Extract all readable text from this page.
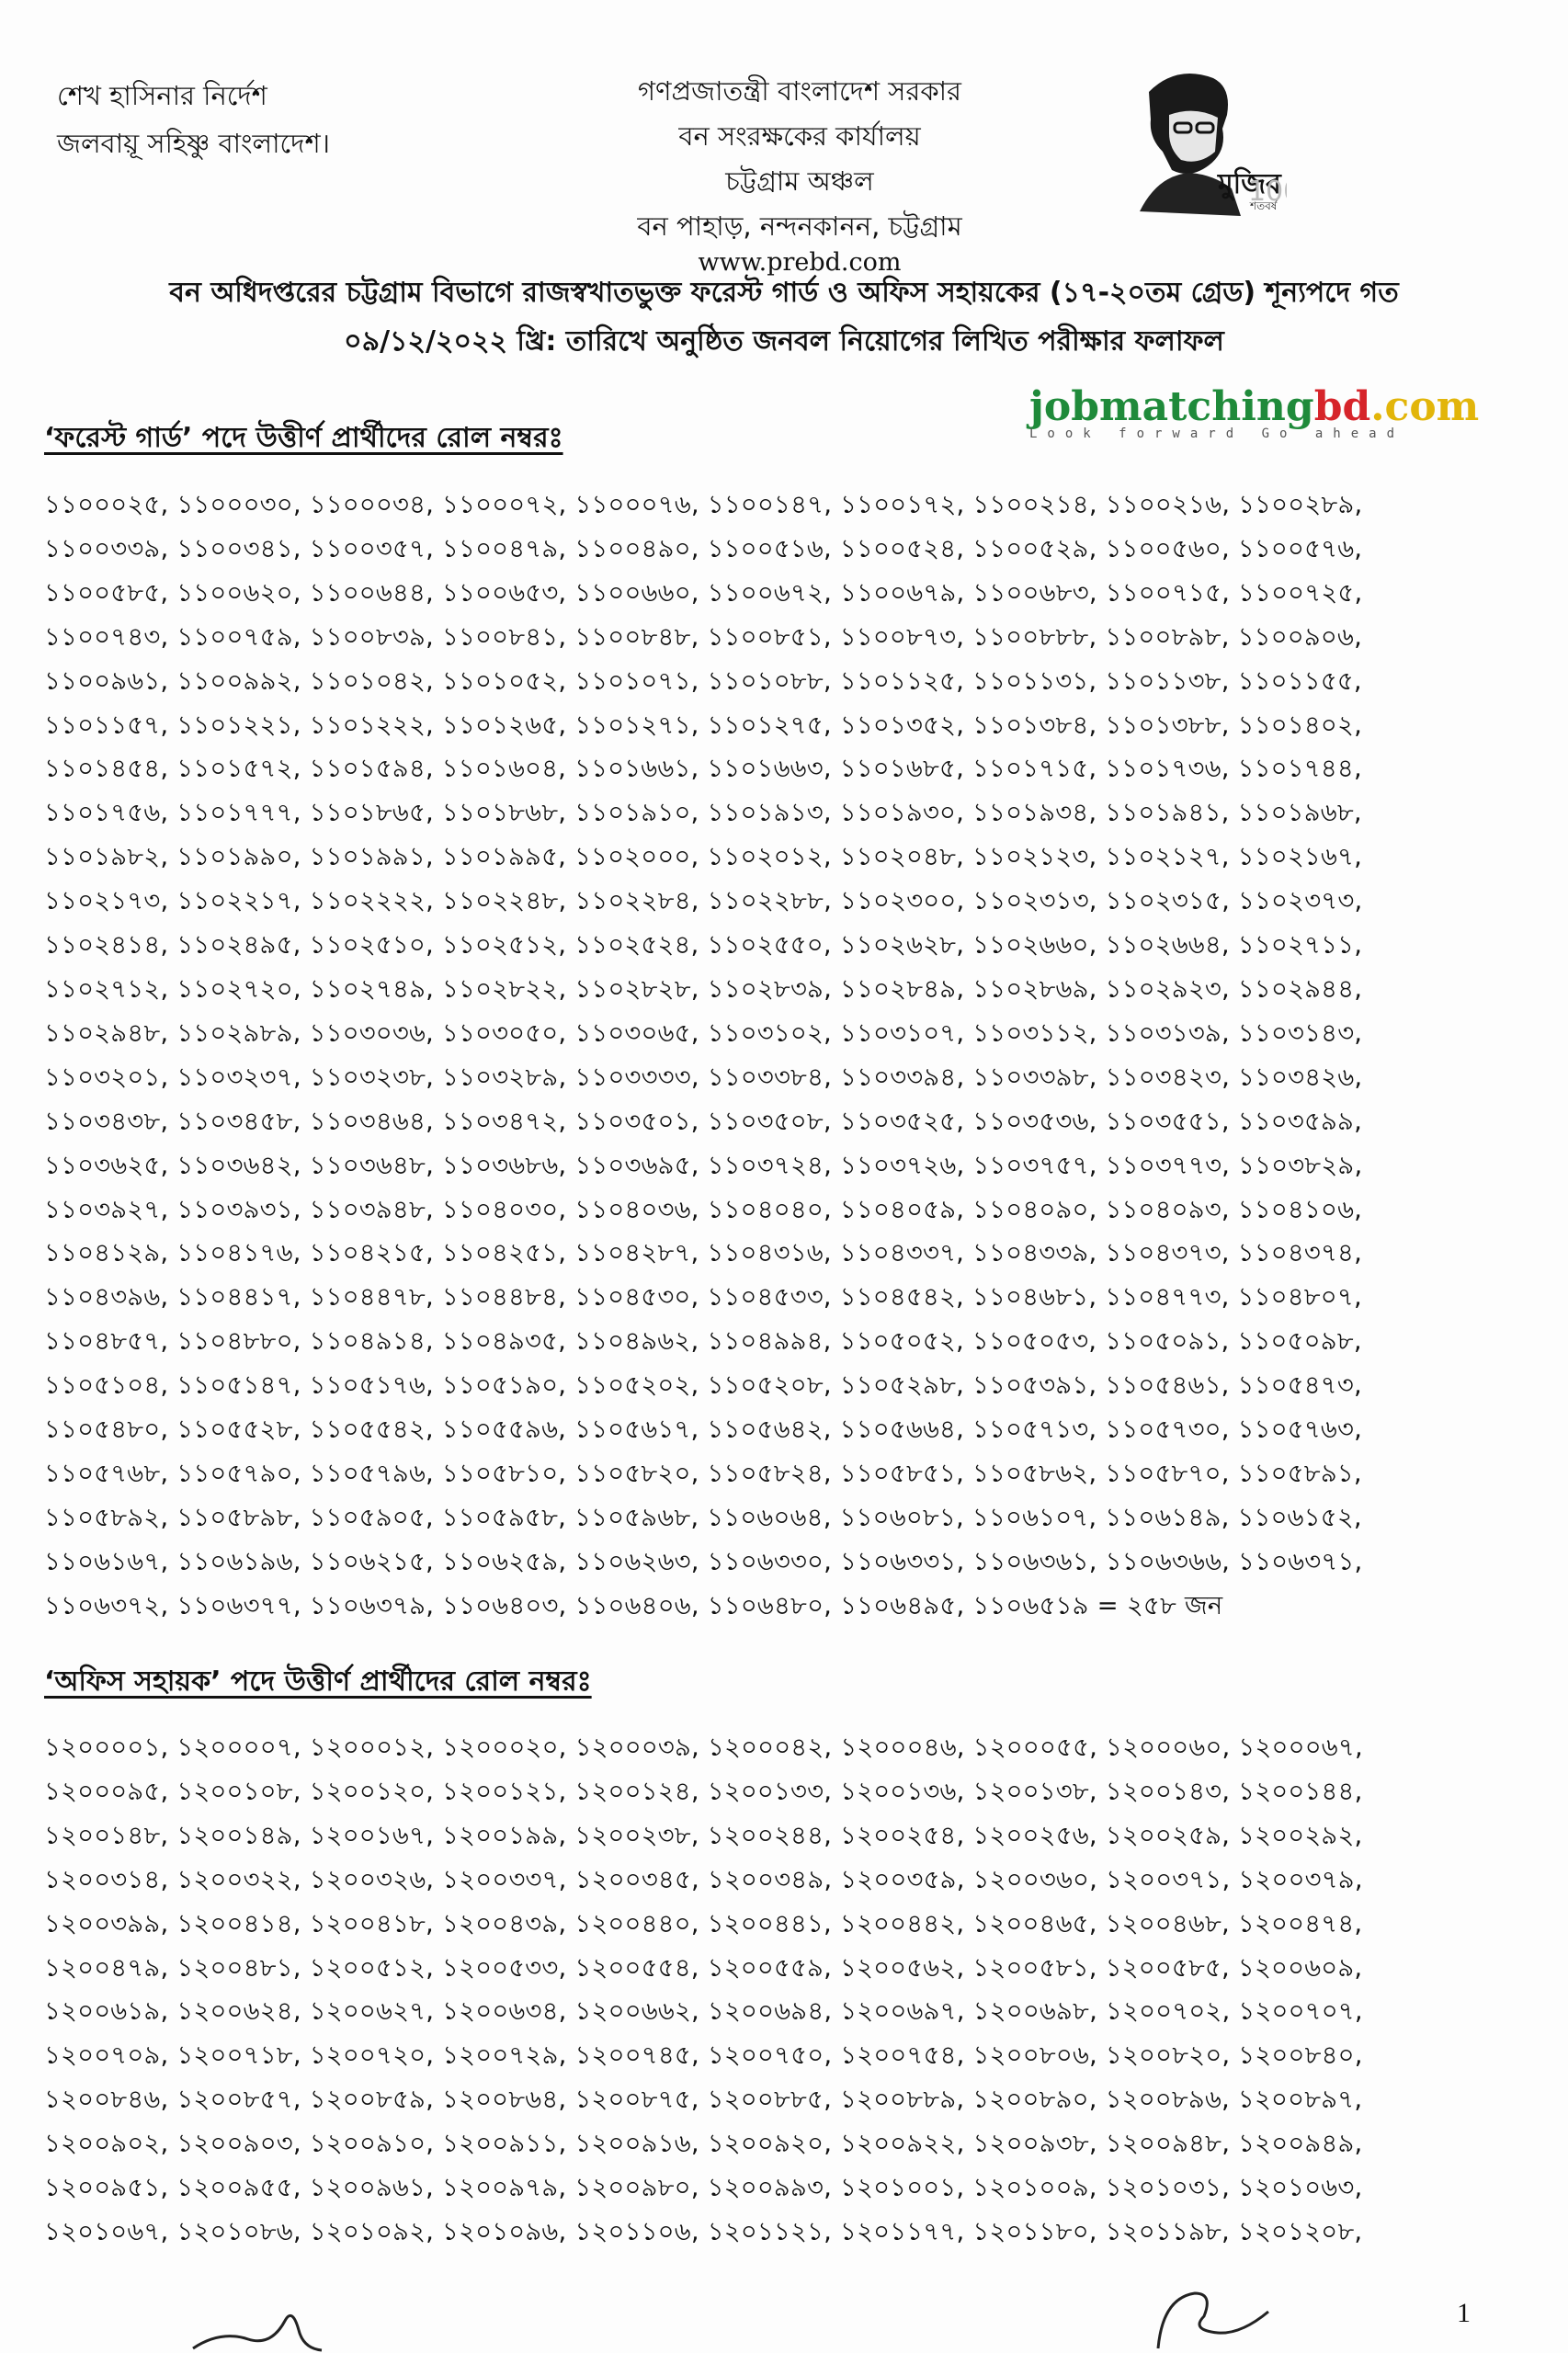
শেখ হাসিনার নির্দেশ
জলবায়ূ সহিষ্ণু বাংলাদেশ।
গণপ্রজাতন্ত্রী বাংলাদেশ সরকার
বন সংরক্ষকের কার্যালয়
চট্টগ্রাম অঞ্চল
বন পাহাড়, নন্দনকানন, চট্টগ্রাম
www.prebd.com
মুজিব
শতবর্ষ
10
বন অধিদপ্তরের চট্টগ্রাম বিভাগে রাজস্বখাতভুক্ত ফরেস্ট গার্ড ও অফিস সহায়কের (১৭-২০তম গ্রেড) শূন্যপদে গত
০৯/১২/২০২২ খ্রি: তারিখে অনুষ্ঠিত জনবল নিয়োগের লিখিত পরীক্ষার ফলাফল
jobmatchingbd.com
Look forward Go ahead
‘ফরেস্ট গার্ড’ পদে উত্তীর্ণ প্রার্থীদের রোল নম্বরঃ
১১০০০২৫, ১১০০০৩০, ১১০০০৩৪, ১১০০০৭২, ১১০০০৭৬, ১১০০১৪৭, ১১০০১৭২, ১১০০২১৪, ১১০০২১৬, ১১০০২৮৯,
১১০০৩৩৯, ১১০০৩৪১, ১১০০৩৫৭, ১১০০৪৭৯, ১১০০৪৯০, ১১০০৫১৬, ১১০০৫২৪, ১১০০৫২৯, ১১০০৫৬০, ১১০০৫৭৬,
১১০০৫৮৫, ১১০০৬২০, ১১০০৬৪৪, ১১০০৬৫৩, ১১০০৬৬০, ১১০০৬৭২, ১১০০৬৭৯, ১১০০৬৮৩, ১১০০৭১৫, ১১০০৭২৫,
১১০০৭৪৩, ১১০০৭৫৯, ১১০০৮৩৯, ১১০০৮৪১, ১১০০৮৪৮, ১১০০৮৫১, ১১০০৮৭৩, ১১০০৮৮৮, ১১০০৮৯৮, ১১০০৯০৬,
১১০০৯৬১, ১১০০৯৯২, ১১০১০৪২, ১১০১০৫২, ১১০১০৭১, ১১০১০৮৮, ১১০১১২৫, ১১০১১৩১, ১১০১১৩৮, ১১০১১৫৫,
১১০১১৫৭, ১১০১২২১, ১১০১২২২, ১১০১২৬৫, ১১০১২৭১, ১১০১২৭৫, ১১০১৩৫২, ১১০১৩৮৪, ১১০১৩৮৮, ১১০১৪০২,
১১০১৪৫৪, ১১০১৫৭২, ১১০১৫৯৪, ১১০১৬০৪, ১১০১৬৬১, ১১০১৬৬৩, ১১০১৬৮৫, ১১০১৭১৫, ১১০১৭৩৬, ১১০১৭৪৪,
১১০১৭৫৬, ১১০১৭৭৭, ১১০১৮৬৫, ১১০১৮৬৮, ১১০১৯১০, ১১০১৯১৩, ১১০১৯৩০, ১১০১৯৩৪, ১১০১৯৪১, ১১০১৯৬৮,
১১০১৯৮২, ১১০১৯৯০, ১১০১৯৯১, ১১০১৯৯৫, ১১০২০০০, ১১০২০১২, ১১০২০৪৮, ১১০২১২৩, ১১০২১২৭, ১১০২১৬৭,
১১০২১৭৩, ১১০২২১৭, ১১০২২২২, ১১০২২৪৮, ১১০২২৮৪, ১১০২২৮৮, ১১০২৩০০, ১১০২৩১৩, ১১০২৩১৫, ১১০২৩৭৩,
১১০২৪১৪, ১১০২৪৯৫, ১১০২৫১০, ১১০২৫১২, ১১০২৫২৪, ১১০২৫৫০, ১১০২৬২৮, ১১০২৬৬০, ১১০২৬৬৪, ১১০২৭১১,
১১০২৭১২, ১১০২৭২০, ১১০২৭৪৯, ১১০২৮২২, ১১০২৮২৮, ১১০২৮৩৯, ১১০২৮৪৯, ১১০২৮৬৯, ১১০২৯২৩, ১১০২৯৪৪,
১১০২৯৪৮, ১১০২৯৮৯, ১১০৩০৩৬, ১১০৩০৫০, ১১০৩০৬৫, ১১০৩১০২, ১১০৩১০৭, ১১০৩১১২, ১১০৩১৩৯, ১১০৩১৪৩,
১১০৩২০১, ১১০৩২৩৭, ১১০৩২৩৮, ১১০৩২৮৯, ১১০৩৩৩৩, ১১০৩৩৮৪, ১১০৩৩৯৪, ১১০৩৩৯৮, ১১০৩৪২৩, ১১০৩৪২৬,
১১০৩৪৩৮, ১১০৩৪৫৮, ১১০৩৪৬৪, ১১০৩৪৭২, ১১০৩৫০১, ১১০৩৫০৮, ১১০৩৫২৫, ১১০৩৫৩৬, ১১০৩৫৫১, ১১০৩৫৯৯,
১১০৩৬২৫, ১১০৩৬৪২, ১১০৩৬৪৮, ১১০৩৬৮৬, ১১০৩৬৯৫, ১১০৩৭২৪, ১১০৩৭২৬, ১১০৩৭৫৭, ১১০৩৭৭৩, ১১০৩৮২৯,
১১০৩৯২৭, ১১০৩৯৩১, ১১০৩৯৪৮, ১১০৪০৩০, ১১০৪০৩৬, ১১০৪০৪০, ১১০৪০৫৯, ১১০৪০৯০, ১১০৪০৯৩, ১১০৪১০৬,
১১০৪১২৯, ১১০৪১৭৬, ১১০৪২১৫, ১১০৪২৫১, ১১০৪২৮৭, ১১০৪৩১৬, ১১০৪৩৩৭, ১১০৪৩৩৯, ১১০৪৩৭৩, ১১০৪৩৭৪,
১১০৪৩৯৬, ১১০৪৪১৭, ১১০৪৪৭৮, ১১০৪৪৮৪, ১১০৪৫৩০, ১১০৪৫৩৩, ১১০৪৫৪২, ১১০৪৬৮১, ১১০৪৭৭৩, ১১০৪৮০৭,
১১০৪৮৫৭, ১১০৪৮৮০, ১১০৪৯১৪, ১১০৪৯৩৫, ১১০৪৯৬২, ১১০৪৯৯৪, ১১০৫০৫২, ১১০৫০৫৩, ১১০৫০৯১, ১১০৫০৯৮,
১১০৫১০৪, ১১০৫১৪৭, ১১০৫১৭৬, ১১০৫১৯০, ১১০৫২০২, ১১০৫২০৮, ১১০৫২৯৮, ১১০৫৩৯১, ১১০৫৪৬১, ১১০৫৪৭৩,
১১০৫৪৮০, ১১০৫৫২৮, ১১০৫৫৪২, ১১০৫৫৯৬, ১১০৫৬১৭, ১১০৫৬৪২, ১১০৫৬৬৪, ১১০৫৭১৩, ১১০৫৭৩০, ১১০৫৭৬৩,
১১০৫৭৬৮, ১১০৫৭৯০, ১১০৫৭৯৬, ১১০৫৮১০, ১১০৫৮২০, ১১০৫৮২৪, ১১০৫৮৫১, ১১০৫৮৬২, ১১০৫৮৭০, ১১০৫৮৯১,
১১০৫৮৯২, ১১০৫৮৯৮, ১১০৫৯০৫, ১১০৫৯৫৮, ১১০৫৯৬৮, ১১০৬০৬৪, ১১০৬০৮১, ১১০৬১০৭, ১১০৬১৪৯, ১১০৬১৫২,
১১০৬১৬৭, ১১০৬১৯৬, ১১০৬২১৫, ১১০৬২৫৯, ১১০৬২৬৩, ১১০৬৩৩০, ১১০৬৩৩১, ১১০৬৩৬১, ১১০৬৩৬৬, ১১০৬৩৭১,
১১০৬৩৭২, ১১০৬৩৭৭, ১১০৬৩৭৯, ১১০৬৪০৩, ১১০৬৪০৬, ১১০৬৪৮০, ১১০৬৪৯৫, ১১০৬৫১৯ = ২৫৮ জন
‘অফিস সহায়ক’ পদে উত্তীর্ণ প্রার্থীদের রোল নম্বরঃ
১২০০০০১, ১২০০০০৭, ১২০০০১২, ১২০০০২০, ১২০০০৩৯, ১২০০০৪২, ১২০০০৪৬, ১২০০০৫৫, ১২০০০৬০, ১২০০০৬৭,
১২০০০৯৫, ১২০০১০৮, ১২০০১২০, ১২০০১২১, ১২০০১২৪, ১২০০১৩৩, ১২০০১৩৬, ১২০০১৩৮, ১২০০১৪৩, ১২০০১৪৪,
১২০০১৪৮, ১২০০১৪৯, ১২০০১৬৭, ১২০০১৯৯, ১২০০২৩৮, ১২০০২৪৪, ১২০০২৫৪, ১২০০২৫৬, ১২০০২৫৯, ১২০০২৯২,
১২০০৩১৪, ১২০০৩২২, ১২০০৩২৬, ১২০০৩৩৭, ১২০০৩৪৫, ১২০০৩৪৯, ১২০০৩৫৯, ১২০০৩৬০, ১২০০৩৭১, ১২০০৩৭৯,
১২০০৩৯৯, ১২০০৪১৪, ১২০০৪১৮, ১২০০৪৩৯, ১২০০৪৪০, ১২০০৪৪১, ১২০০৪৪২, ১২০০৪৬৫, ১২০০৪৬৮, ১২০০৪৭৪,
১২০০৪৭৯, ১২০০৪৮১, ১২০০৫১২, ১২০০৫৩৩, ১২০০৫৫৪, ১২০০৫৫৯, ১২০০৫৬২, ১২০০৫৮১, ১২০০৫৮৫, ১২০০৬০৯,
১২০০৬১৯, ১২০০৬২৪, ১২০০৬২৭, ১২০০৬৩৪, ১২০০৬৬২, ১২০০৬৯৪, ১২০০৬৯৭, ১২০০৬৯৮, ১২০০৭০২, ১২০০৭০৭,
১২০০৭০৯, ১২০০৭১৮, ১২০০৭২০, ১২০০৭২৯, ১২০০৭৪৫, ১২০০৭৫০, ১২০০৭৫৪, ১২০০৮০৬, ১২০০৮২০, ১২০০৮৪০,
১২০০৮৪৬, ১২০০৮৫৭, ১২০০৮৫৯, ১২০০৮৬৪, ১২০০৮৭৫, ১২০০৮৮৫, ১২০০৮৮৯, ১২০০৮৯০, ১২০০৮৯৬, ১২০০৮৯৭,
১২০০৯০২, ১২০০৯০৩, ১২০০৯১০, ১২০০৯১১, ১২০০৯১৬, ১২০০৯২০, ১২০০৯২২, ১২০০৯৩৮, ১২০০৯৪৮, ১২০০৯৪৯,
১২০০৯৫১, ১২০০৯৫৫, ১২০০৯৬১, ১২০০৯৭৯, ১২০০৯৮০, ১২০০৯৯৩, ১২০১০০১, ১২০১০০৯, ১২০১০৩১, ১২০১০৬৩,
১২০১০৬৭, ১২০১০৮৬, ১২০১০৯২, ১২০১০৯৬, ১২০১১০৬, ১২০১১২১, ১২০১১৭৭, ১২০১১৮০, ১২০১১৯৮, ১২০১২০৮,
1
